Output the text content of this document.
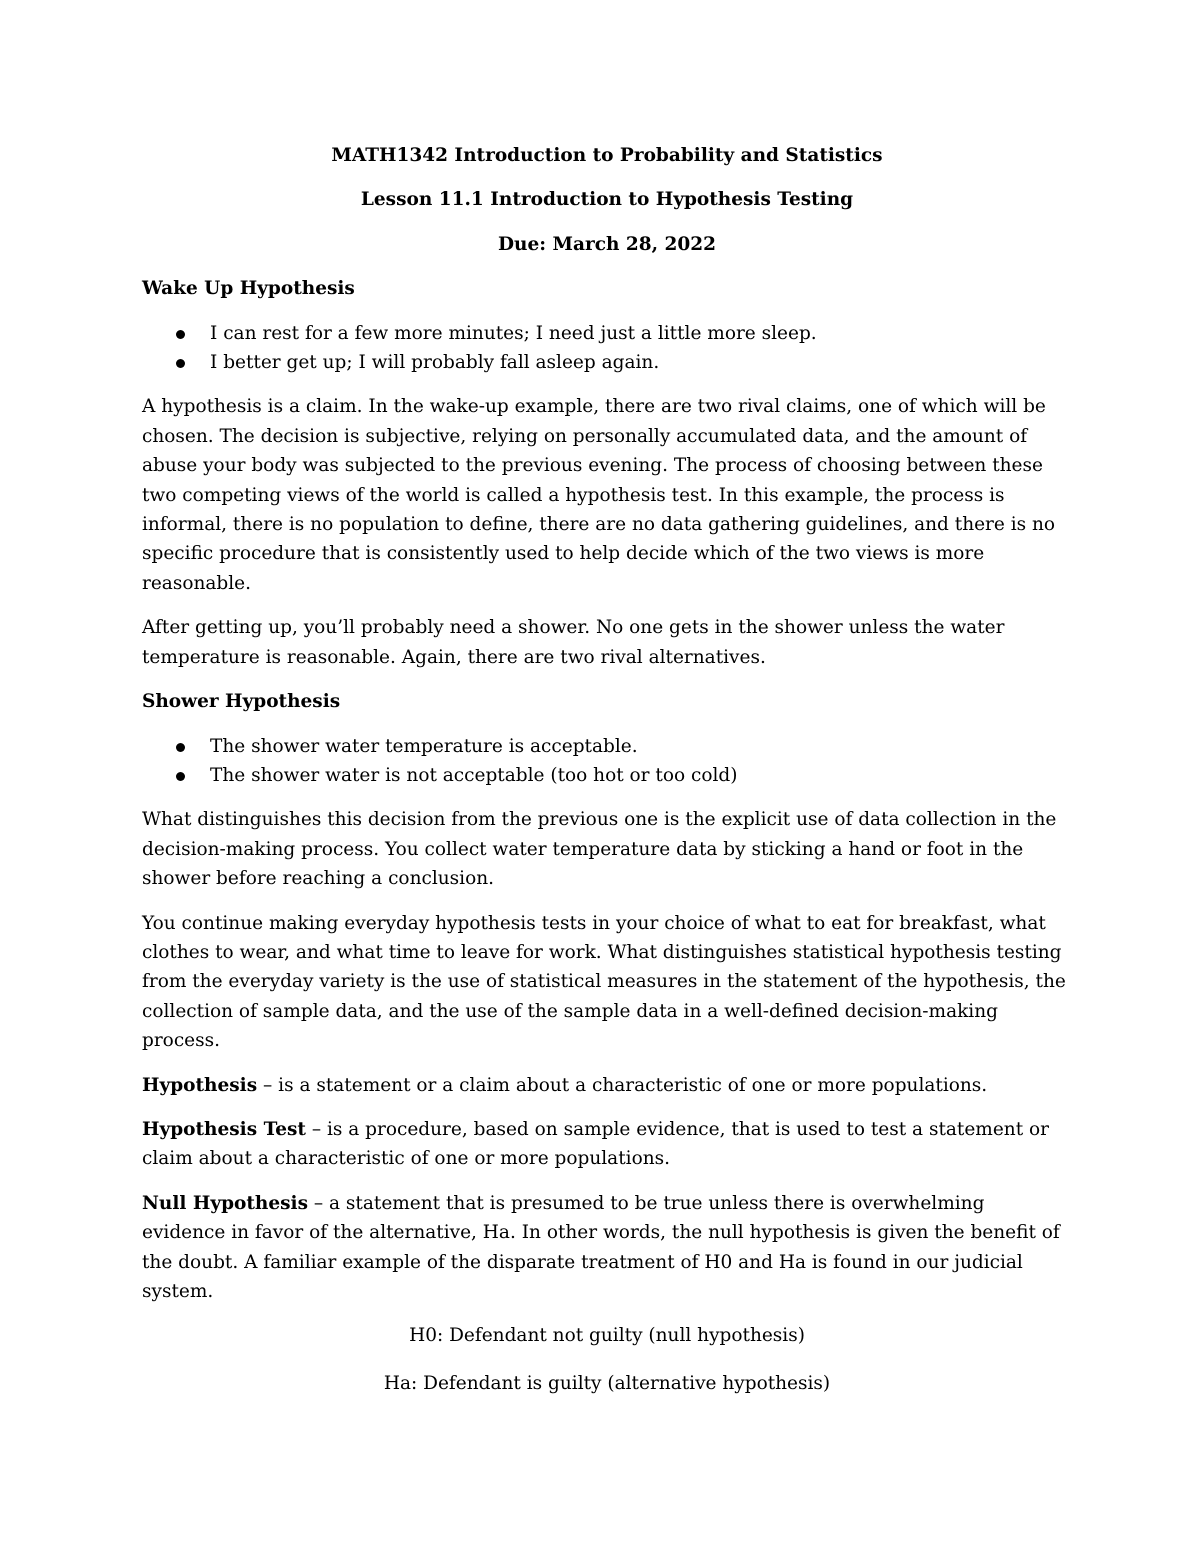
MATH1342 Introduction to Probability and Statistics
Lesson 11.1 Introduction to Hypothesis Testing
Due: March 28, 2022
Wake Up Hypothesis
I can rest for a few more minutes; I need just a little more sleep.
I better get up; I will probably fall asleep again.

A hypothesis is a claim. In the wake-up example, there are two rival claims, one of which will be chosen. The decision is subjective, relying on personally accumulated data, and the amount of abuse your body was subjected to the previous evening. The process of choosing between these two competing views of the world is called a hypothesis test. In this example, the process is informal, there is no population to define, there are no data gathering guidelines, and there is no specific procedure that is consistently used to help decide which of the two views is more reasonable.

After getting up, you’ll probably need a shower. No one gets in the shower unless the water temperature is reasonable. Again, there are two rival alternatives.

Shower Hypothesis
The shower water temperature is acceptable.
The shower water is not acceptable (too hot or too cold)

What distinguishes this decision from the previous one is the explicit use of data collection in the decision-making process. You collect water temperature data by sticking a hand or foot in the shower before reaching a conclusion.

You continue making everyday hypothesis tests in your choice of what to eat for breakfast, what clothes to wear, and what time to leave for work. What distinguishes statistical hypothesis testing from the everyday variety is the use of statistical measures in the statement of the hypothesis, the collection of sample data, and the use of the sample data in a well-defined decision-making process.

Hypothesis – is a statement or a claim about a characteristic of one or more populations.

Hypothesis Test – is a procedure, based on sample evidence, that is used to test a statement or claim about a characteristic of one or more populations.

Null Hypothesis – a statement that is presumed to be true unless there is overwhelming evidence in favor of the alternative, Ha. In other words, the null hypothesis is given the benefit of the doubt. A familiar example of the disparate treatment of H0 and Ha is found in our judicial system.

H0: Defendant not guilty (null hypothesis)

Ha: Defendant is guilty (alternative hypothesis)
